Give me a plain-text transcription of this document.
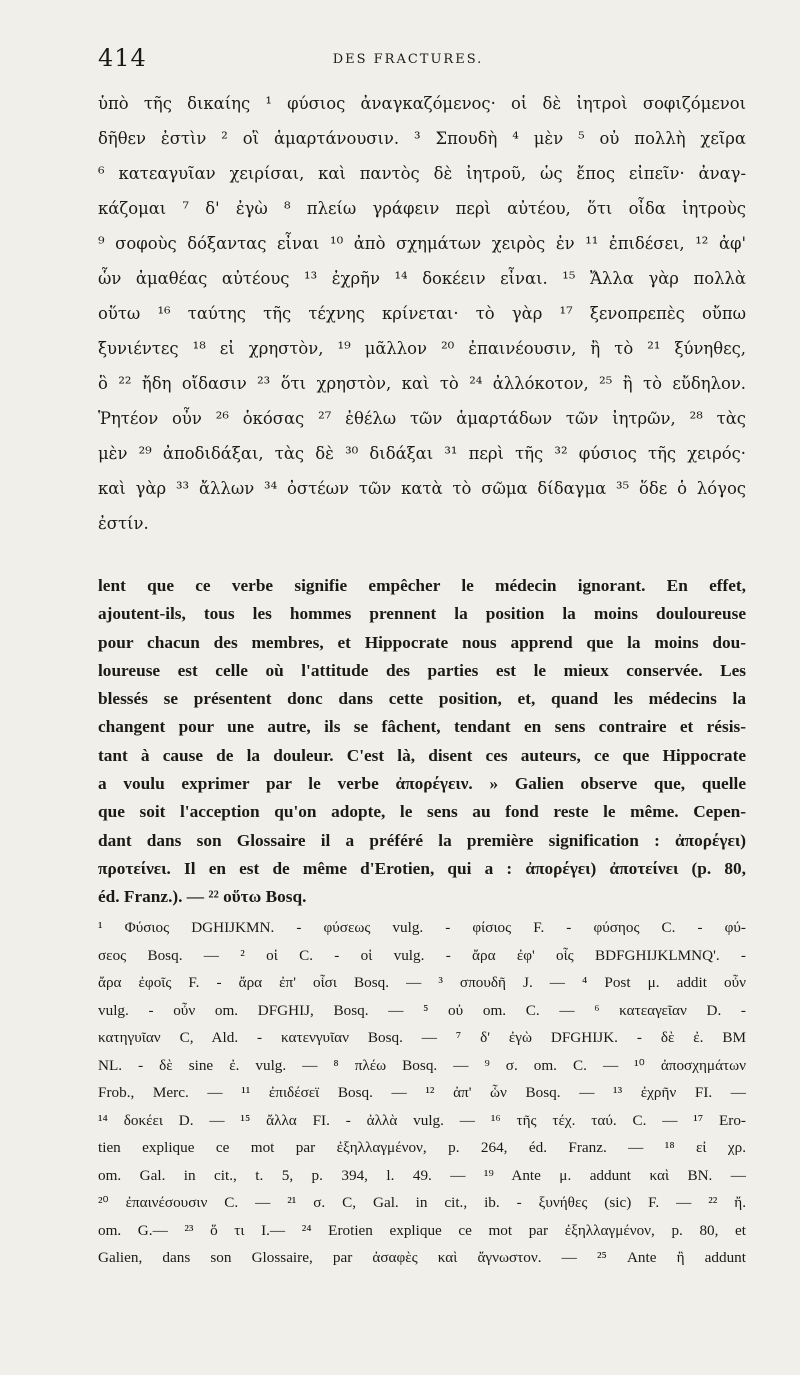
414	DES FRACTURES.

ὑπὸ τῆς δικαίης ¹ φύσιος ἀναγκαζόμενος· οἱ δὲ ἰητροὶ σοφιζόμενοι

δῆθεν ἐστὶν ² οἳ ἁμαρτάνουσιν. ³ Σπουδὴ ⁴ μὲν ⁵ οὐ πολλὴ χεῖρα

⁶ κατεαγυῖαν χειρίσαι, καὶ παντὸς δὲ ἰητροῦ, ὡς ἔπος εἰπεῖν· ἀναγ-

κάζομαι ⁷ δ' ἐγὼ ⁸ πλείω γράφειν περὶ αὐτέου, ὅτι οἶδα ἰητροὺς

⁹ σοφοὺς δόξαντας εἶναι ¹⁰ ἀπὸ σχημάτων χειρὸς ἐν ¹¹ ἐπιδέσει, ¹² ἀφ'

ὧν ἀμαθέας αὐτέους ¹³ ἐχρῆν ¹⁴ δοκέειν εἶναι. ¹⁵ Ἄλλα γὰρ πολλὰ

οὕτω ¹⁶ ταύτης τῆς τέχνης κρίνεται· τὸ γὰρ ¹⁷ ξενοπρεπὲς οὔπω

ξυνιέντες ¹⁸ εἰ χρηστὸν, ¹⁹ μᾶλλον ²⁰ ἐπαινέουσιν, ἢ τὸ ²¹ ξύνηθες,

ὃ ²² ἤδη οἴδασιν ²³ ὅτι χρηστὸν, καὶ τὸ ²⁴ ἀλλόκοτον, ²⁵ ἢ τὸ εὔδηλον.

Ῥητέον οὖν ²⁶ ὁκόσας ²⁷ ἐθέλω τῶν ἁμαρτάδων τῶν ἰητρῶν, ²⁸ τὰς

μὲν ²⁹ ἀποδιδάξαι, τὰς δὲ ³⁰ διδάξαι ³¹ περὶ τῆς ³² φύσιος τῆς χειρός·

καὶ γὰρ ³³ ἄλλων ³⁴ ὀστέων τῶν κατὰ τὸ σῶμα δίδαγμα ³⁵ ὅδε ὁ λόγος

ἐστίν.

lent que ce verbe signifie empêcher le médecin ignorant. En effet,

ajoutent-ils, tous les hommes prennent la position la moins douloureuse

pour chacun des membres, et Hippocrate nous apprend que la moins dou-

loureuse est celle où l'attitude des parties est le mieux conservée. Les

blessés se présentent donc dans cette position, et, quand les médecins la

changent pour une autre, ils se fâchent, tendant en sens contraire et résis-

tant à cause de la douleur. C'est là, disent ces auteurs, ce que Hippocrate

a voulu exprimer par le verbe ἀπορέγειν. » Galien observe que, quelle

que soit l'acception qu'on adopte, le sens au fond reste le même. Cepen-

dant dans son Glossaire il a préféré la première signification : ἀπορέγει)

προτείνει. Il en est de même d'Erotien, qui a : ἀπορέγει) ἀποτείνει (p. 80,

éd. Franz.). — ²² οὕτω Bosq.

¹ Φύσιος DGHIJKMN. - φύσεως vulg. - φίσιος F. - φύσηος C. - φύ-

σεος Bosq. — ² οἱ C. - οἱ vulg. - ἄρα ἐφ' οἷς BDFGHIJKLMNQ'. -

ἄρα ἐφοῖς F. - ἄρα ἐπ' οἷσι Bosq. — ³ σπουδῆ J. — ⁴ Post μ. addit οὖν

vulg. - οὖν om. DFGHIJ, Bosq. — ⁵ οὐ om. C. — ⁶ κατεαγεῖαν D. -

κατηγυῖαν C, Ald. - κατενγυῖαν Bosq. — ⁷ δ' ἐγὼ DFGHIJK. - δὲ ἐ. BM

NL. - δὲ sine ἐ. vulg. — ⁸ πλέω Bosq. — ⁹ σ. om. C. — ¹⁰ ἀποσχημάτων

Frob., Merc. — ¹¹ ἐπιδέσεϊ Bosq. — ¹² ἀπ' ὧν Bosq. — ¹³ ἐχρῆν FI. —

¹⁴ δοκέει D. — ¹⁵ ἄλλα FI. - ἀλλὰ vulg. — ¹⁶ τῆς τέχ. ταύ. C. — ¹⁷ Ero-

tien explique ce mot par ἐξηλλαγμένον, p. 264, éd. Franz. — ¹⁸ εἰ χρ.

om. Gal. in cit., t. 5, p. 394, l. 49. — ¹⁹ Ante μ. addunt καὶ BN. —

²⁰ ἐπαινέσουσιν C. — ²¹ σ. C, Gal. in cit., ib. - ξυνήθες (sic) F. — ²² ἤ.

om. G.— ²³ ὅ τι I.— ²⁴ Erotien explique ce mot par ἐξηλλαγμένον, p. 80, et

Galien, dans son Glossaire, par ἀσαφὲς καὶ ἄγνωστον. — ²⁵ Ante ἢ addunt
